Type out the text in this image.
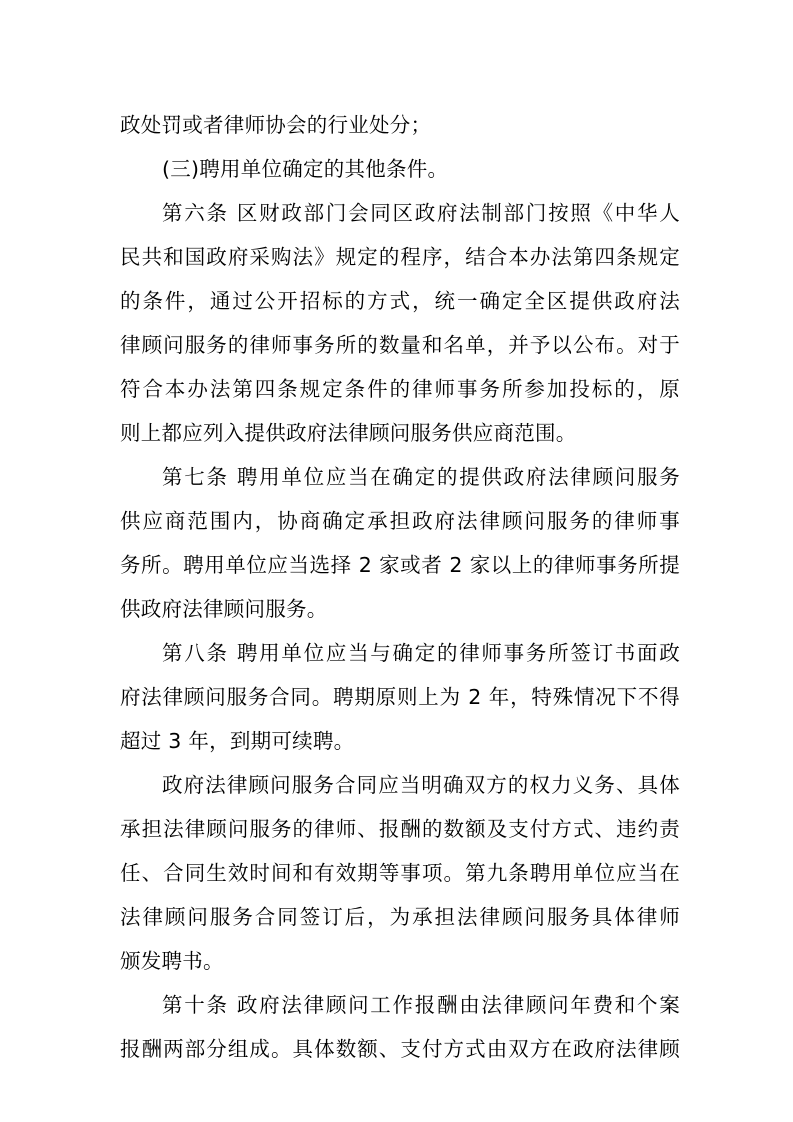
政处罚或者律师协会的行业处分；
(三)聘用单位确定的其他条件。
第六条 区财政部门会同区政府法制部门按照《中华人
民共和国政府采购法》规定的程序，结合本办法第四条规定
的条件，通过公开招标的方式，统一确定全区提供政府法
律顾问服务的律师事务所的数量和名单，并予以公布。对于
符合本办法第四条规定条件的律师事务所参加投标的，原
则上都应列入提供政府法律顾问服务供应商范围。
第七条 聘用单位应当在确定的提供政府法律顾问服务
供应商范围内，协商确定承担政府法律顾问服务的律师事
务所。聘用单位应当选择 2 家或者 2 家以上的律师事务所提
供政府法律顾问服务。
第八条 聘用单位应当与确定的律师事务所签订书面政
府法律顾问服务合同。聘期原则上为 2 年，特殊情况下不得
超过 3 年，到期可续聘。
政府法律顾问服务合同应当明确双方的权力义务、具体
承担法律顾问服务的律师、报酬的数额及支付方式、违约责
任、合同生效时间和有效期等事项。第九条聘用单位应当在
法律顾问服务合同签订后，为承担法律顾问服务具体律师
颁发聘书。
第十条 政府法律顾问工作报酬由法律顾问年费和个案
报酬两部分组成。具体数额、支付方式由双方在政府法律顾
